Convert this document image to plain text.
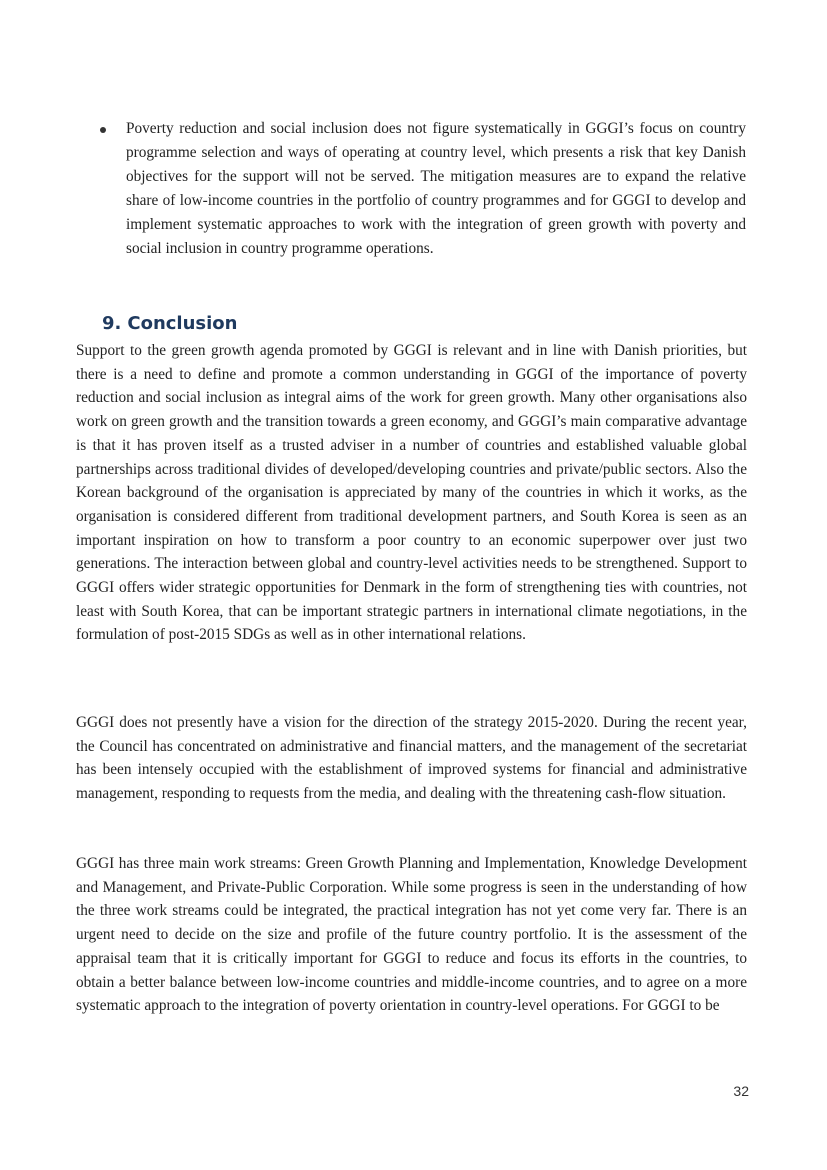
Poverty reduction and social inclusion does not figure systematically in GGGI’s focus on country programme selection and ways of operating at country level, which presents a risk that key Danish objectives for the support will not be served. The mitigation measures are to expand the relative share of low-income countries in the portfolio of country programmes and for GGGI to develop and implement systematic approaches to work with the integration of green growth with poverty and social inclusion in country programme operations.
9. Conclusion

Support to the green growth agenda promoted by GGGI is relevant and in line with Danish priorities, but there is a need to define and promote a common understanding in GGGI of the importance of poverty reduction and social inclusion as integral aims of the work for green growth. Many other organisations also work on green growth and the transition towards a green economy, and GGGI’s main comparative advantage is that it has proven itself as a trusted adviser in a number of countries and established valuable global partnerships across traditional divides of developed/developing countries and private/public sectors. Also the Korean background of the organisation is appreciated by many of the countries in which it works, as the organisation is considered different from traditional development partners, and South Korea is seen as an important inspiration on how to transform a poor country to an economic superpower over just two generations. The interaction between global and country-level activities needs to be strengthened. Support to GGGI offers wider strategic opportunities for Denmark in the form of strengthening ties with countries, not least with South Korea, that can be important strategic partners in international climate negotiations, in the formulation of post-2015 SDGs as well as in other international relations.

GGGI does not presently have a vision for the direction of the strategy 2015-2020. During the recent year, the Council has concentrated on administrative and financial matters, and the management of the secretariat has been intensely occupied with the establishment of improved systems for financial and administrative management, responding to requests from the media, and dealing with the threatening cash-flow situation.

GGGI has three main work streams: Green Growth Planning and Implementation, Knowledge Development and Management, and Private-Public Corporation. While some progress is seen in the understanding of how the three work streams could be integrated, the practical integration has not yet come very far. There is an urgent need to decide on the size and profile of the future country portfolio. It is the assessment of the appraisal team that it is critically important for GGGI to reduce and focus its efforts in the countries, to obtain a better balance between low-income countries and middle-income countries, and to agree on a more systematic approach to the integration of poverty orientation in country-level operations. For GGGI to be

32
